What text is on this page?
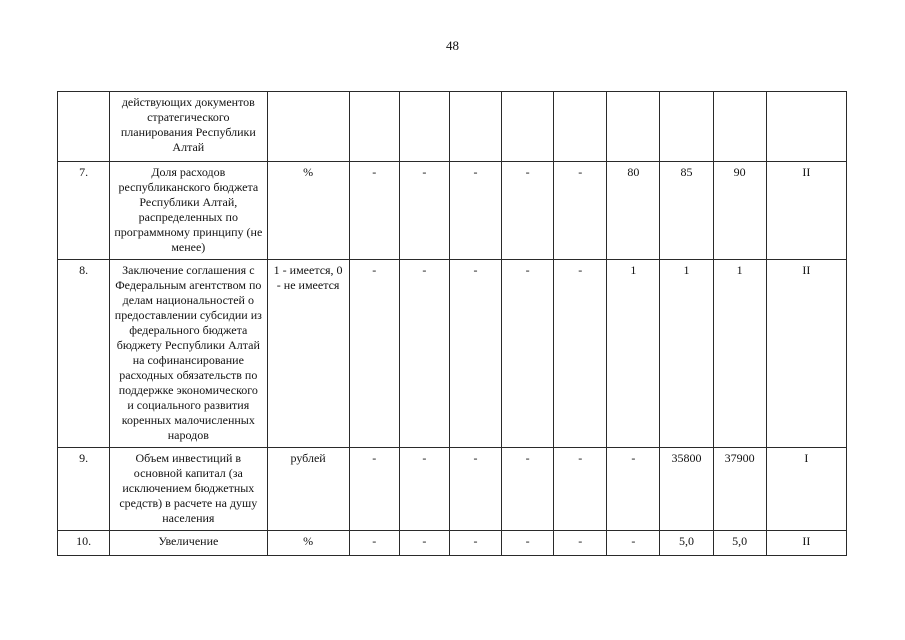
48
	действующих документов стратегического планирования Республики Алтай										
7.	Доля расходов республиканского бюджета Республики Алтай, распределенных по программному принципу (не менее)	%	-	-	-	-	-	80	85	90	II
8.	Заключение соглашения с Федеральным агентством по делам национальностей о предоставлении субсидии из федерального бюджета бюджету Республики Алтай на софинансирование расходных обязательств по поддержке экономического и социального развития коренных малочисленных народов	1 - имеется, 0 - не имеется	-	-	-	-	-	1	1	1	II
9.	Объем инвестиций в основной капитал (за исключением бюджетных средств) в расчете на душу населения	рублей	-	-	-	-	-	-	35800	37900	I
10.	Увеличение	%	-	-	-	-	-	-	5,0	5,0	II
